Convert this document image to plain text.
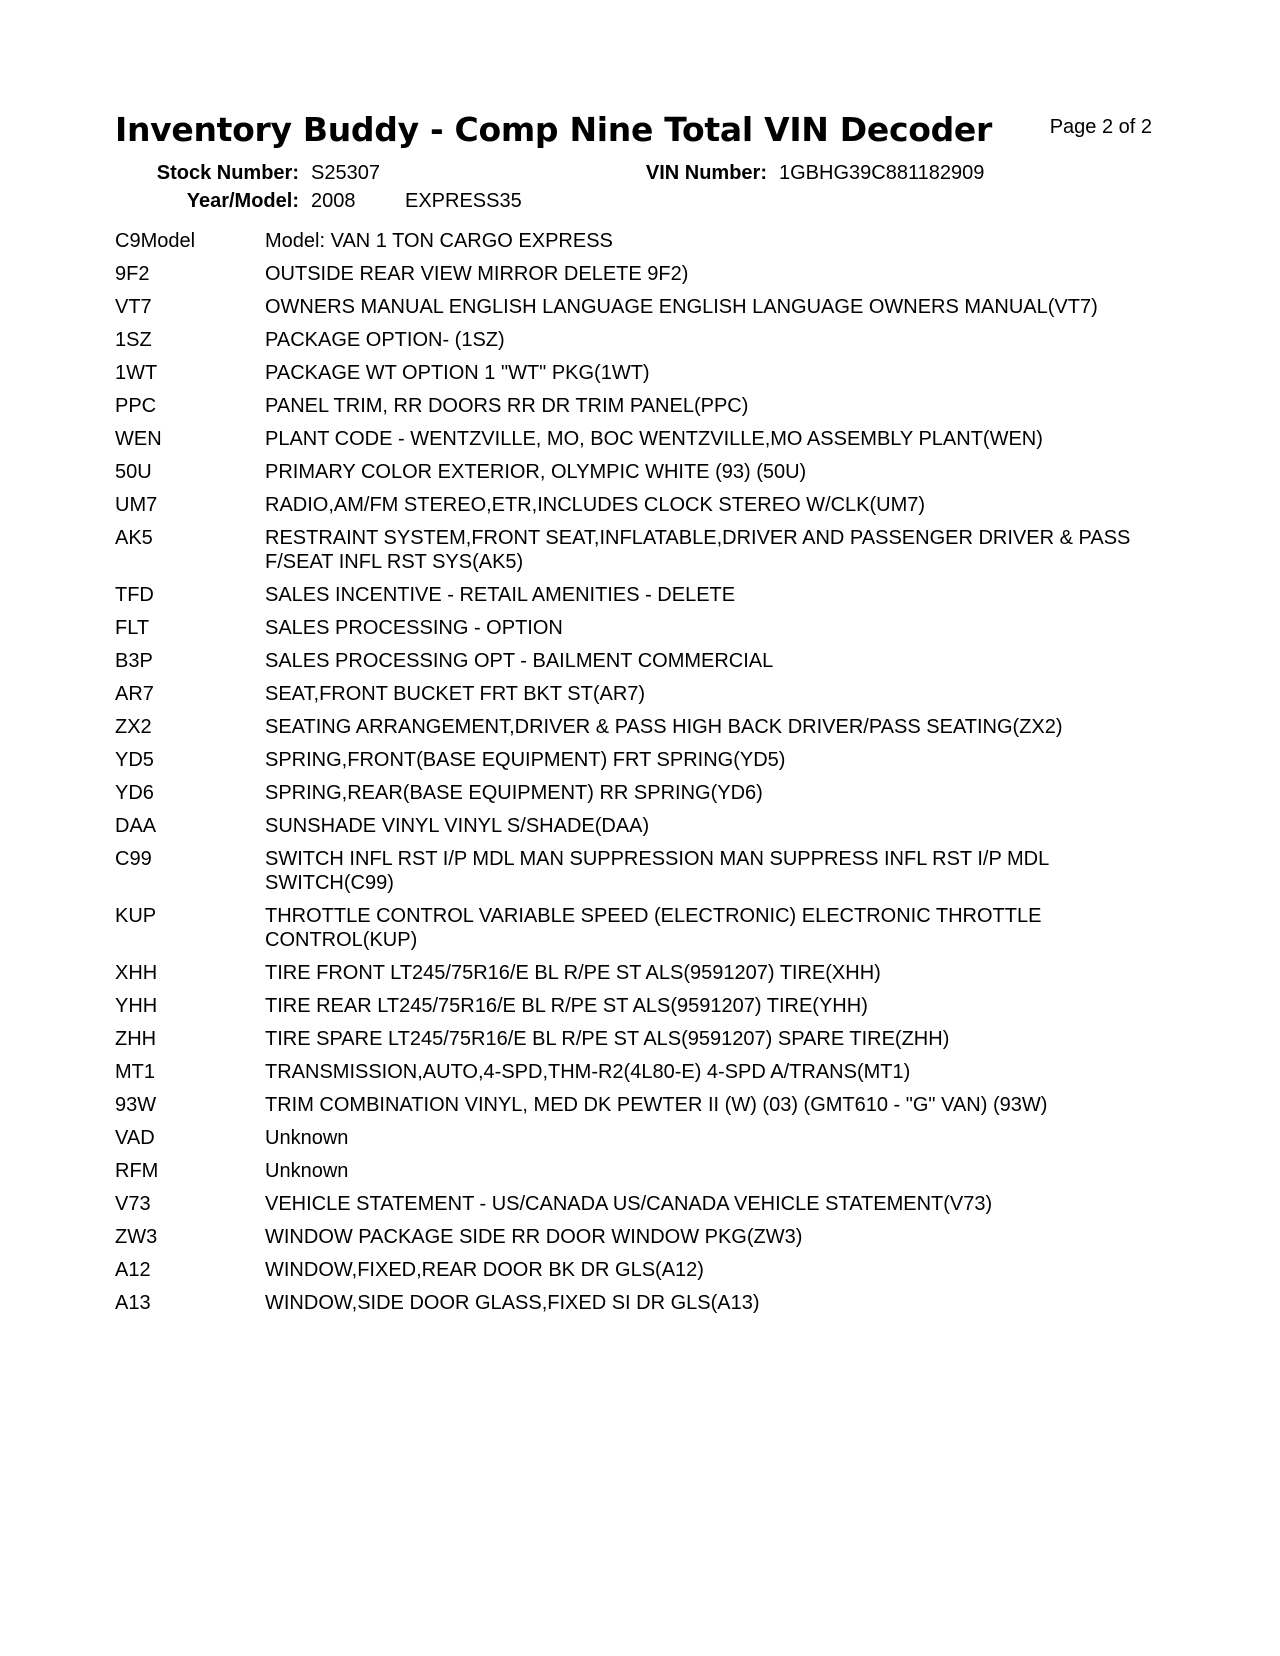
Inventory Buddy - Comp Nine Total VIN Decoder	Page 2 of 2
Stock Number: S25307	VIN Number: 1GBHG39C881182909
Year/Model: 2008 EXPRESS35
C9Model	Model: VAN 1 TON CARGO EXPRESS
9F2	OUTSIDE REAR VIEW MIRROR DELETE 9F2)
VT7	OWNERS MANUAL ENGLISH LANGUAGE ENGLISH LANGUAGE OWNERS MANUAL(VT7)
1SZ	PACKAGE OPTION- (1SZ)
1WT	PACKAGE WT OPTION 1 "WT" PKG(1WT)
PPC	PANEL TRIM, RR DOORS RR DR TRIM PANEL(PPC)
WEN	PLANT CODE - WENTZVILLE, MO, BOC WENTZVILLE,MO ASSEMBLY PLANT(WEN)
50U	PRIMARY COLOR EXTERIOR, OLYMPIC WHITE (93) (50U)
UM7	RADIO,AM/FM STEREO,ETR,INCLUDES CLOCK STEREO W/CLK(UM7)
AK5	RESTRAINT SYSTEM,FRONT SEAT,INFLATABLE,DRIVER AND PASSENGER DRIVER & PASS F/SEAT INFL RST SYS(AK5)
TFD	SALES INCENTIVE - RETAIL AMENITIES - DELETE
FLT	SALES PROCESSING - OPTION
B3P	SALES PROCESSING OPT - BAILMENT COMMERCIAL
AR7	SEAT,FRONT BUCKET FRT BKT ST(AR7)
ZX2	SEATING ARRANGEMENT,DRIVER & PASS HIGH BACK DRIVER/PASS SEATING(ZX2)
YD5	SPRING,FRONT(BASE EQUIPMENT) FRT SPRING(YD5)
YD6	SPRING,REAR(BASE EQUIPMENT) RR SPRING(YD6)
DAA	SUNSHADE VINYL VINYL S/SHADE(DAA)
C99	SWITCH INFL RST I/P MDL MAN SUPPRESSION MAN SUPPRESS INFL RST I/P MDL SWITCH(C99)
KUP	THROTTLE CONTROL VARIABLE SPEED (ELECTRONIC) ELECTRONIC THROTTLE CONTROL(KUP)
XHH	TIRE FRONT LT245/75R16/E BL R/PE ST ALS(9591207) TIRE(XHH)
YHH	TIRE REAR LT245/75R16/E BL R/PE ST ALS(9591207) TIRE(YHH)
ZHH	TIRE SPARE LT245/75R16/E BL R/PE ST ALS(9591207) SPARE TIRE(ZHH)
MT1	TRANSMISSION,AUTO,4-SPD,THM-R2(4L80-E) 4-SPD A/TRANS(MT1)
93W	TRIM COMBINATION VINYL, MED DK PEWTER II (W) (03) (GMT610 - "G" VAN) (93W)
VAD	Unknown
RFM	Unknown
V73	VEHICLE STATEMENT - US/CANADA US/CANADA VEHICLE STATEMENT(V73)
ZW3	WINDOW PACKAGE SIDE RR DOOR WINDOW PKG(ZW3)
A12	WINDOW,FIXED,REAR DOOR BK DR GLS(A12)
A13	WINDOW,SIDE DOOR GLASS,FIXED SI DR GLS(A13)
